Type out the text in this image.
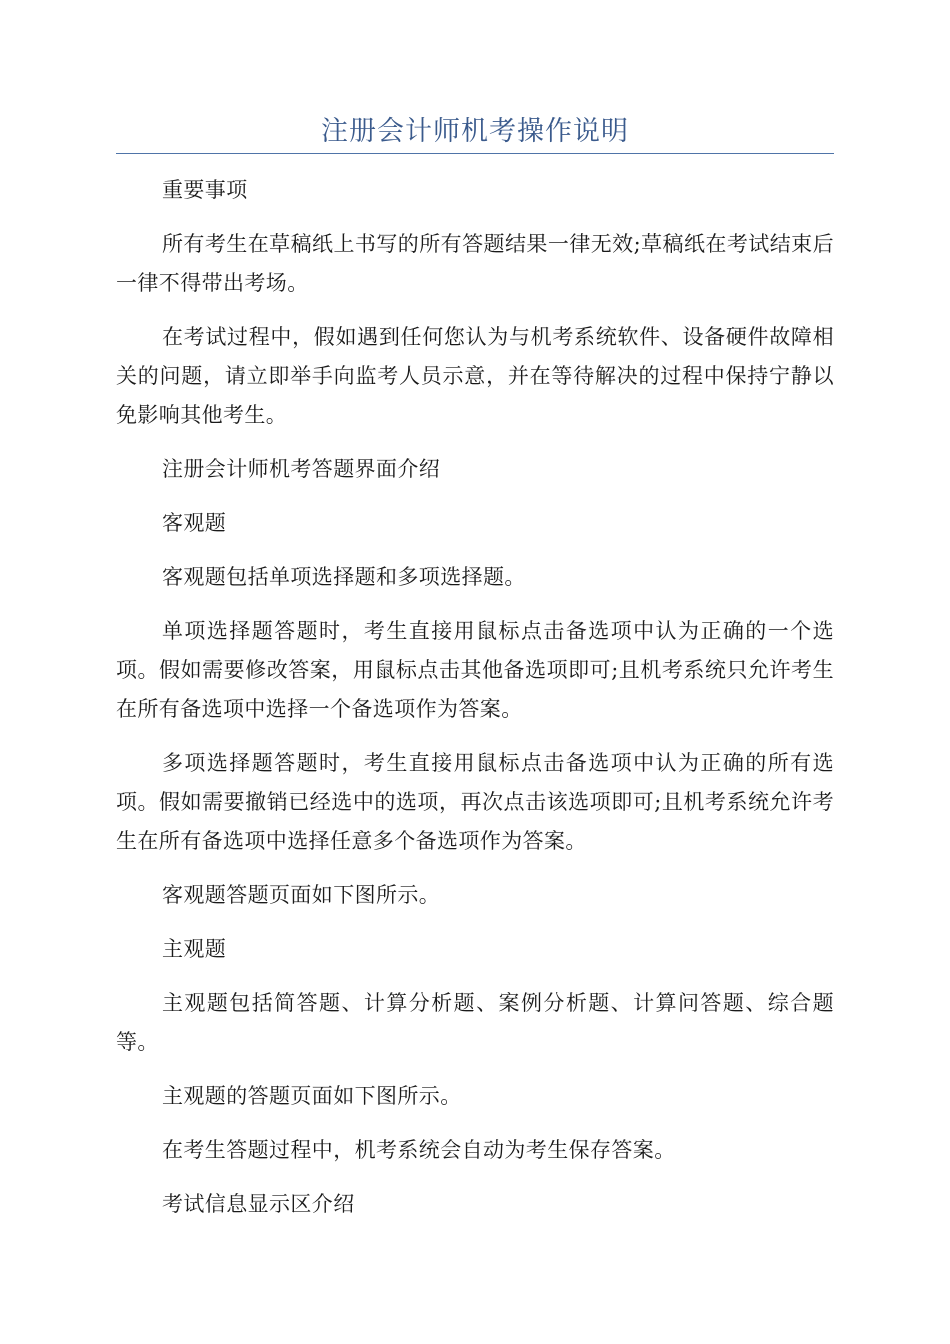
注册会计师机考操作说明

重要事项

所有考生在草稿纸上书写的所有答题结果一律无效;草稿纸在考试结束后一律不得带出考场。

在考试过程中，假如遇到任何您认为与机考系统软件、设备硬件故障相关的问题，请立即举手向监考人员示意，并在等待解决的过程中保持宁静以免影响其他考生。

注册会计师机考答题界面介绍

客观题

客观题包括单项选择题和多项选择题。

单项选择题答题时，考生直接用鼠标点击备选项中认为正确的一个选项。假如需要修改答案，用鼠标点击其他备选项即可;且机考系统只允许考生在所有备选项中选择一个备选项作为答案。

多项选择题答题时，考生直接用鼠标点击备选项中认为正确的所有选项。假如需要撤销已经选中的选项，再次点击该选项即可;且机考系统允许考生在所有备选项中选择任意多个备选项作为答案。

客观题答题页面如下图所示。

主观题

主观题包括简答题、计算分析题、案例分析题、计算问答题、综合题等。

主观题的答题页面如下图所示。

在考生答题过程中，机考系统会自动为考生保存答案。

考试信息显示区介绍
